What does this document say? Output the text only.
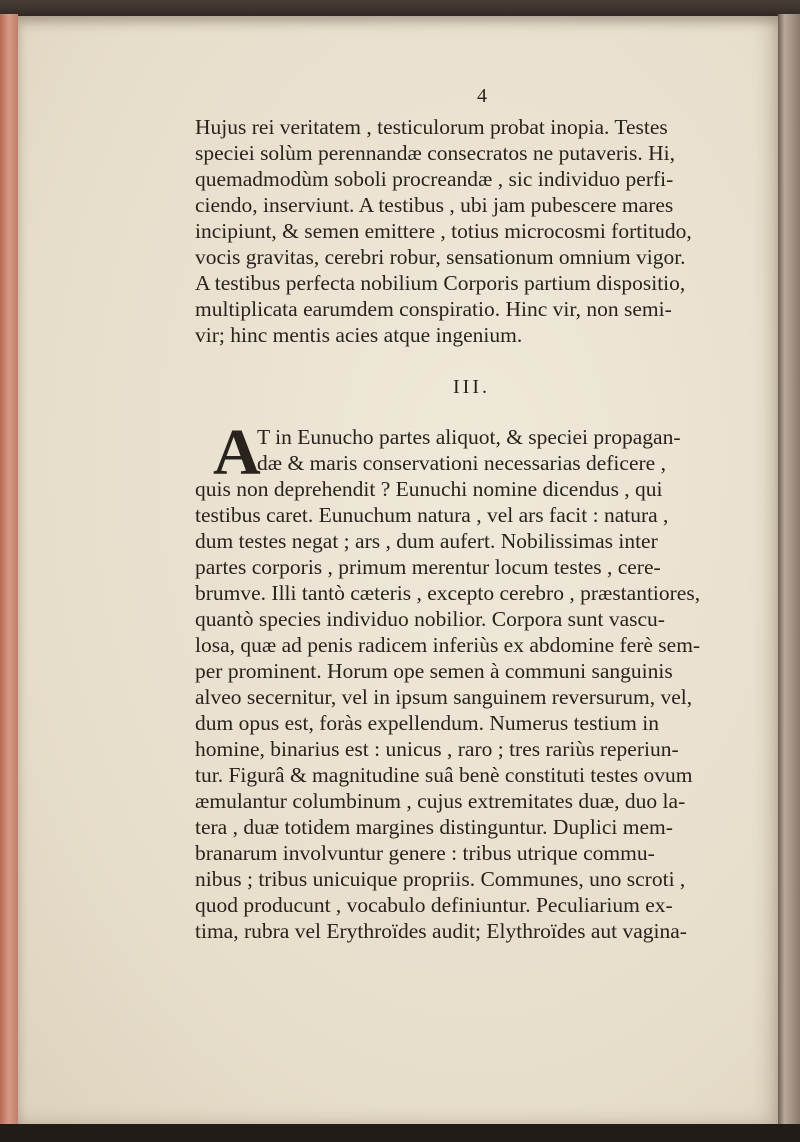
4
Hujus rei veritatem , testiculorum probat inopia. Testes
speciei solùm perennandæ consecratos ne putaveris. Hi,
quemadmodùm soboli procreandæ , sic individuo perfi-
ciendo, inserviunt. A testibus , ubi jam pubescere mares
incipiunt, & semen emittere , totius microcosmi fortitudo,
vocis gravitas, cerebri robur, sensationum omnium vigor.
A testibus perfecta nobilium Corporis partium dispositio,
multiplicata earumdem conspiratio. Hinc vir, non semi-
vir; hinc mentis acies atque ingenium.
III.
A
T in Eunucho partes aliquot, & speciei propagan-
dæ & maris conservationi necessarias deficere ,
quis non deprehendit ? Eunuchi nomine dicendus , qui
testibus caret. Eunuchum natura , vel ars facit : natura ,
dum testes negat ; ars , dum aufert. Nobilissimas inter
partes corporis , primum merentur locum testes , cere-
brumve. Illi tantò cæteris , excepto cerebro , præstantiores,
quantò species individuo nobilior. Corpora sunt vascu-
losa, quæ ad penis radicem inferiùs ex abdomine ferè sem-
per prominent. Horum ope semen à communi sanguinis
alveo secernitur, vel in ipsum sanguinem reversurum, vel,
dum opus est, foràs expellendum. Numerus testium in
homine, binarius est : unicus , raro ; tres rariùs reperiun-
tur. Figurâ & magnitudine suâ benè constituti testes ovum
æmulantur columbinum , cujus extremitates duæ, duo la-
tera , duæ totidem margines distinguntur. Duplici mem-
branarum involvuntur genere : tribus utrique commu-
nibus ; tribus unicuique propriis. Communes, uno scroti ,
quod producunt , vocabulo definiuntur. Peculiarium ex-
tima, rubra vel Erythroïdes audit; Elythroïdes aut vagina-
